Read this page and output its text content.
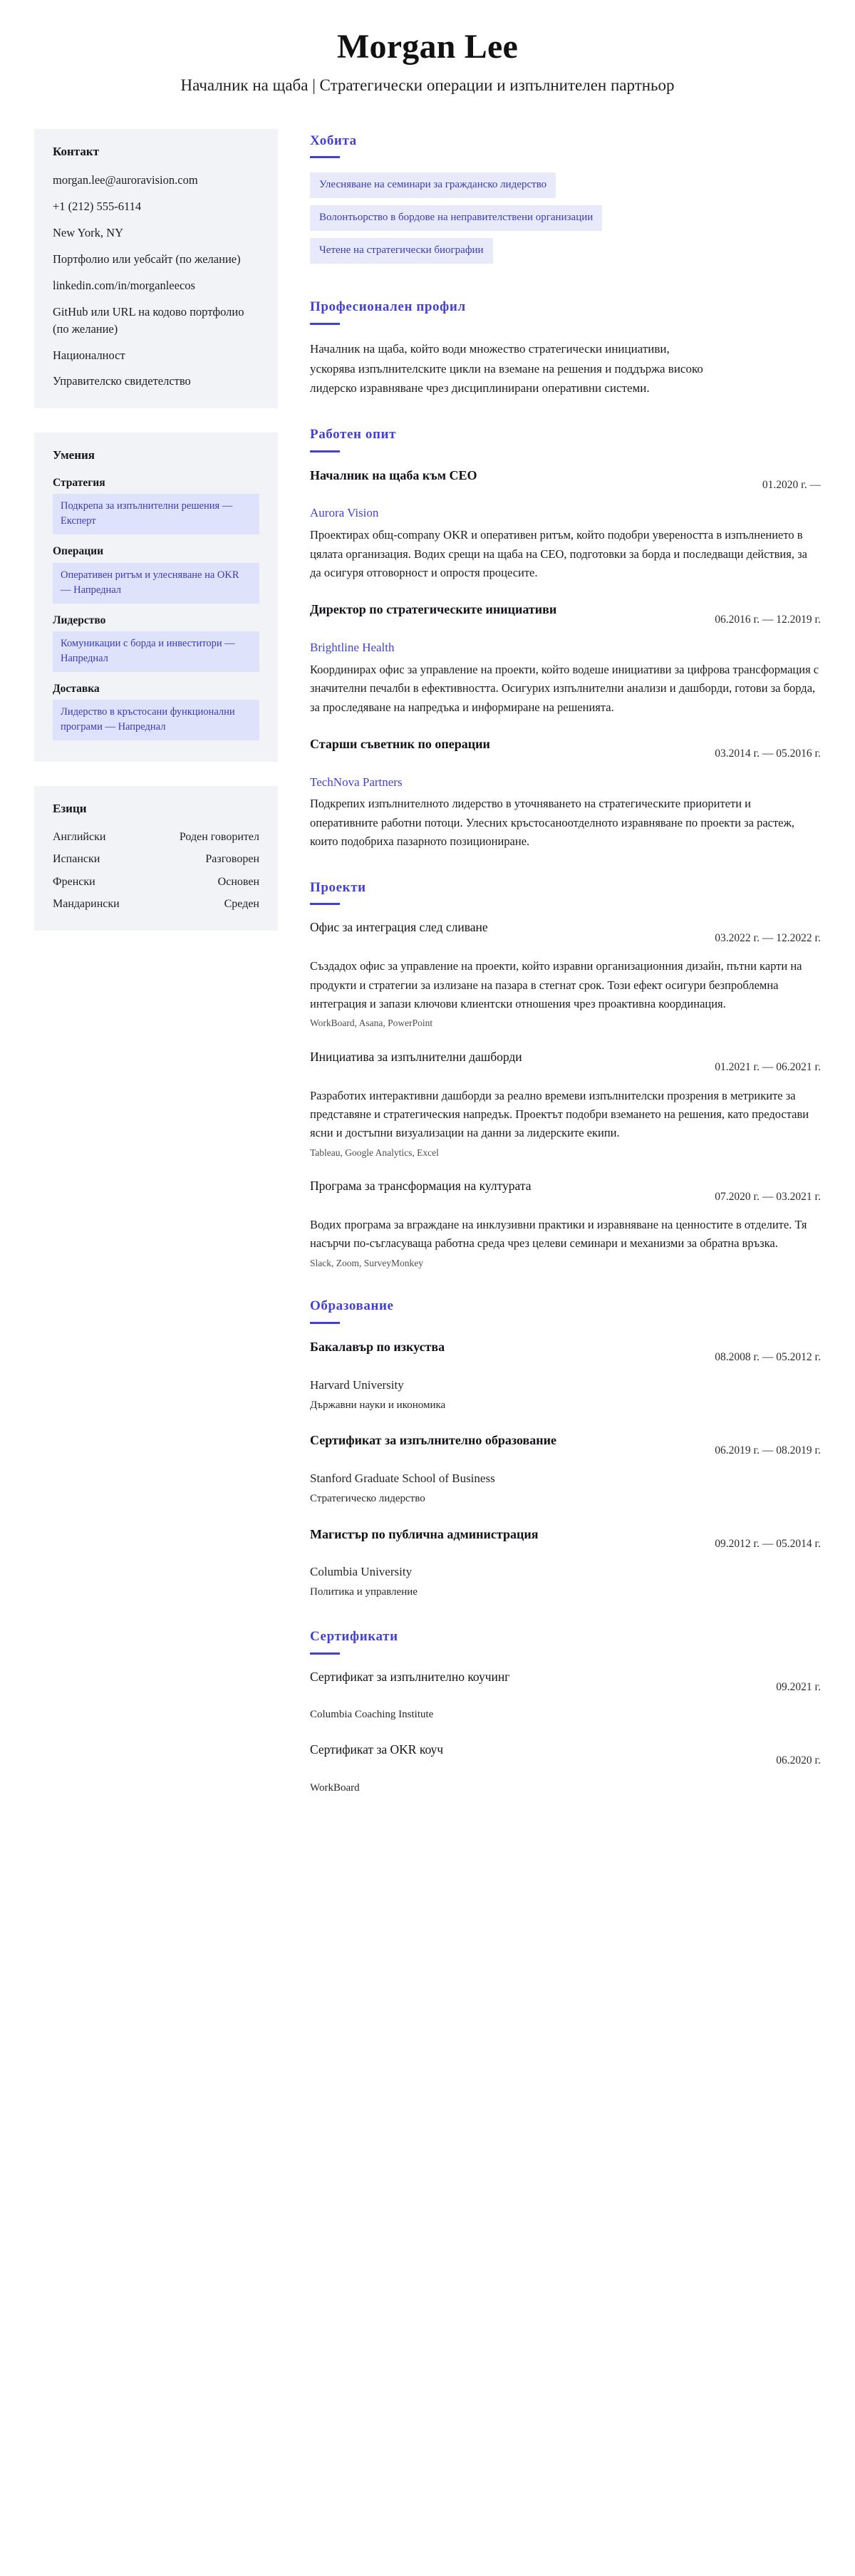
Morgan Lee

Началник на щаба | Стратегически операции и изпълнителен партньор

Контакт

morgan.lee@auroravision.com

+1 (212) 555-6114

New York, NY

Портфолио или уебсайт (по желание)

linkedin.com/in/morganleecos

GitHub или URL на кодово портфолио (по желание)

Националност

Управителско свидетелство

Умения

Стратегия

Подкрепа за изпълнителни решения — Експерт

Операции

Оперативен ритъм и улесняване на OKR — Напреднал

Лидерство

Комуникации с борда и инвеститори — Напреднал

Доставка

Лидерство в кръстосани функционални програми — Напреднал
Езици
Английски	Роден говорител
Испански	Разговорен
Френски	Основен
Мандарински	Среден
Хобита
Улесняване на семинари за гражданско лидерство
Волонтьорство в бордове на неправителствени организации
Четене на стратегически биографии
Професионален профил

Началник на щаба, който води множество стратегически инициативи, ускорява изпълнителските цикли на вземане на решения и поддържа високо лидерско изравняване чрез дисциплинирани оперативни системи.

Работен опит

Началник на щаба към CEO

01.2020 г. —

Aurora Vision

Проектирах общ-company OKR и оперативен ритъм, който подобри увереността в изпълнението в цялата организация. Водих срещи на щаба на CEO, подготовки за борда и последващи действия, за да осигуря отговорност и опростя процесите.

Директор по стратегическите инициативи

06.2016 г. — 12.2019 г.

Brightline Health

Координирах офис за управление на проекти, който водеше инициативи за цифрова трансформация с значителни печалби в ефективността. Осигурих изпълнителни анализи и дашборди, готови за борда, за проследяване на напредъка и информиране на решенията.

Старши съветник по операции

03.2014 г. — 05.2016 г.

TechNova Partners

Подкрепих изпълнителното лидерство в уточняването на стратегическите приоритети и оперативните работни потоци. Улесних кръстосаноотделното изравняване по проекти за растеж, които подобриха пазарното позициониране.

Проекти

Офис за интеграция след сливане

03.2022 г. — 12.2022 г.

Създадох офис за управление на проекти, който изравни организационния дизайн, пътни карти на продукти и стратегии за излизане на пазара в стегнат срок. Този ефект осигури безпроблемна интеграция и запази ключови клиентски отношения чрез проактивна координация.

WorkBoard, Asana, PowerPoint

Инициатива за изпълнителни дашборди

01.2021 г. — 06.2021 г.

Разработих интерактивни дашборди за реално времеви изпълнителски прозрения в метриките за представяне и стратегическия напредък. Проектът подобри вземането на решения, като предостави ясни и достъпни визуализации на данни за лидерските екипи.

Tableau, Google Analytics, Excel

Програма за трансформация на културата

07.2020 г. — 03.2021 г.

Водих програма за вграждане на инклузивни практики и изравняване на ценностите в отделите. Тя насърчи по-съгласуваща работна среда чрез целеви семинари и механизми за обратна връзка.

Slack, Zoom, SurveyMonkey

Образование

Бакалавър по изкуства

08.2008 г. — 05.2012 г.

Harvard University

Държавни науки и икономика

Сертификат за изпълнително образование

06.2019 г. — 08.2019 г.

Stanford Graduate School of Business

Стратегическо лидерство

Магистър по публична администрация

09.2012 г. — 05.2014 г.

Columbia University

Политика и управление

Сертификати

Сертификат за изпълнително коучинг

09.2021 г.

Columbia Coaching Institute

Сертификат за OKR коуч

06.2020 г.

WorkBoard
